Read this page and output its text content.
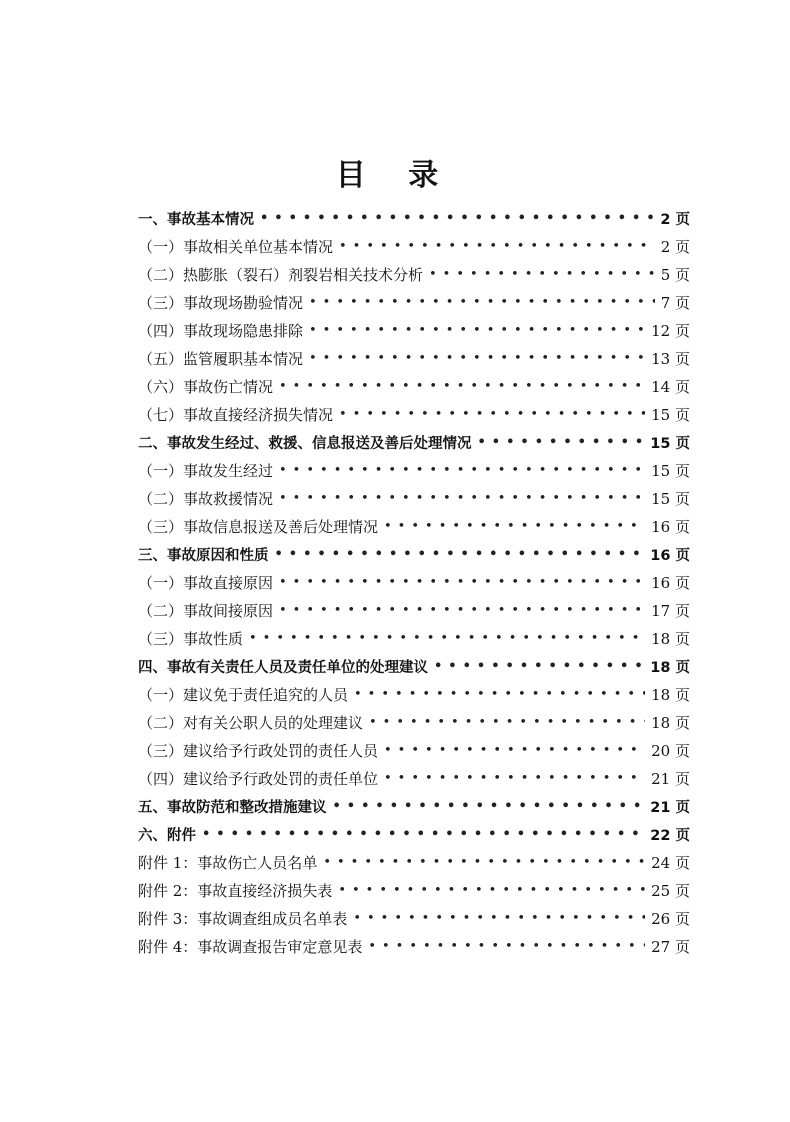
目 录
一、事故基本情况 •••••	2 页
（一）事故相关单位基本情况 •••••	2 页
（二）热膨胀（裂石）剂裂岩相关技术分析 •••••	5 页
（三）事故现场勘验情况 •••••	7 页
（四）事故现场隐患排除 •••••	12 页
（五）监管履职基本情况 •••••	13 页
（六）事故伤亡情况 •••••	14 页
（七）事故直接经济损失情况 •••••	15 页
二、事故发生经过、救援、信息报送及善后处理情况 •••••	15 页
（一）事故发生经过 •••••	15 页
（二）事故救援情况 •••••	15 页
（三）事故信息报送及善后处理情况 •••••	16 页
三、事故原因和性质 •••••	16 页
（一）事故直接原因 •••••	16 页
（二）事故间接原因 •••••	17 页
（三）事故性质 •••••	18 页
四、事故有关责任人员及责任单位的处理建议 •••••	18 页
（一）建议免于责任追究的人员 •••••	18 页
（二）对有关公职人员的处理建议 •••••	18 页
（三）建议给予行政处罚的责任人员 •••••	20 页
（四）建议给予行政处罚的责任单位 •••••	21 页
五、事故防范和整改措施建议 •••••	21 页
六、附件 •••••	22 页
附件 1：事故伤亡人员名单 •••••	24 页
附件 2：事故直接经济损失表 •••••	25 页
附件 3：事故调查组成员名单表 •••••	26 页
附件 4：事故调查报告审定意见表 •••••	27 页
